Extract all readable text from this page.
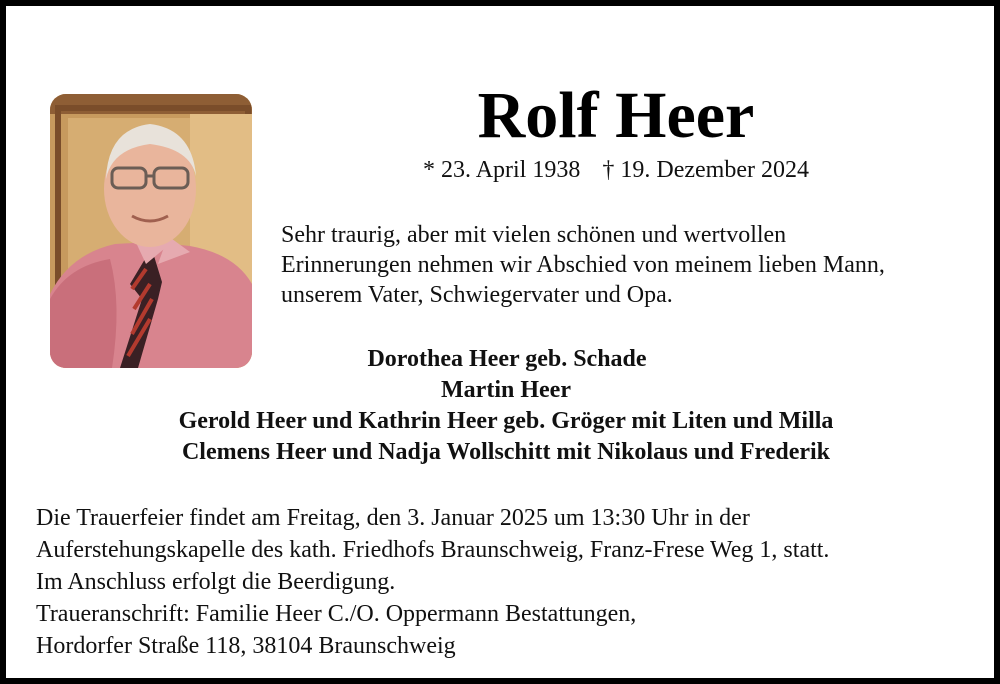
Rolf Heer
* 23. April 1938 † 19. Dezember 2024
Sehr traurig, aber mit vielen schönen und wertvollen
Erinnerungen nehmen wir Abschied von meinem lieben Mann,
unserem Vater, Schwiegervater und Opa.
Dorothea Heer geb. Schade
Martin Heer
Gerold Heer und Kathrin Heer geb. Gröger mit Liten und Milla
Clemens Heer und Nadja Wollschitt mit Nikolaus und Frederik
Die Trauerfeier findet am Freitag, den 3. Januar 2025 um 13:30 Uhr in der
Auferstehungskapelle des kath. Friedhofs Braunschweig, Franz-Frese Weg 1, statt.
Im Anschluss erfolgt die Beerdigung.
Traueranschrift: Familie Heer C./O. Oppermann Bestattungen,
Hordorfer Straße 118, 38104 Braunschweig
